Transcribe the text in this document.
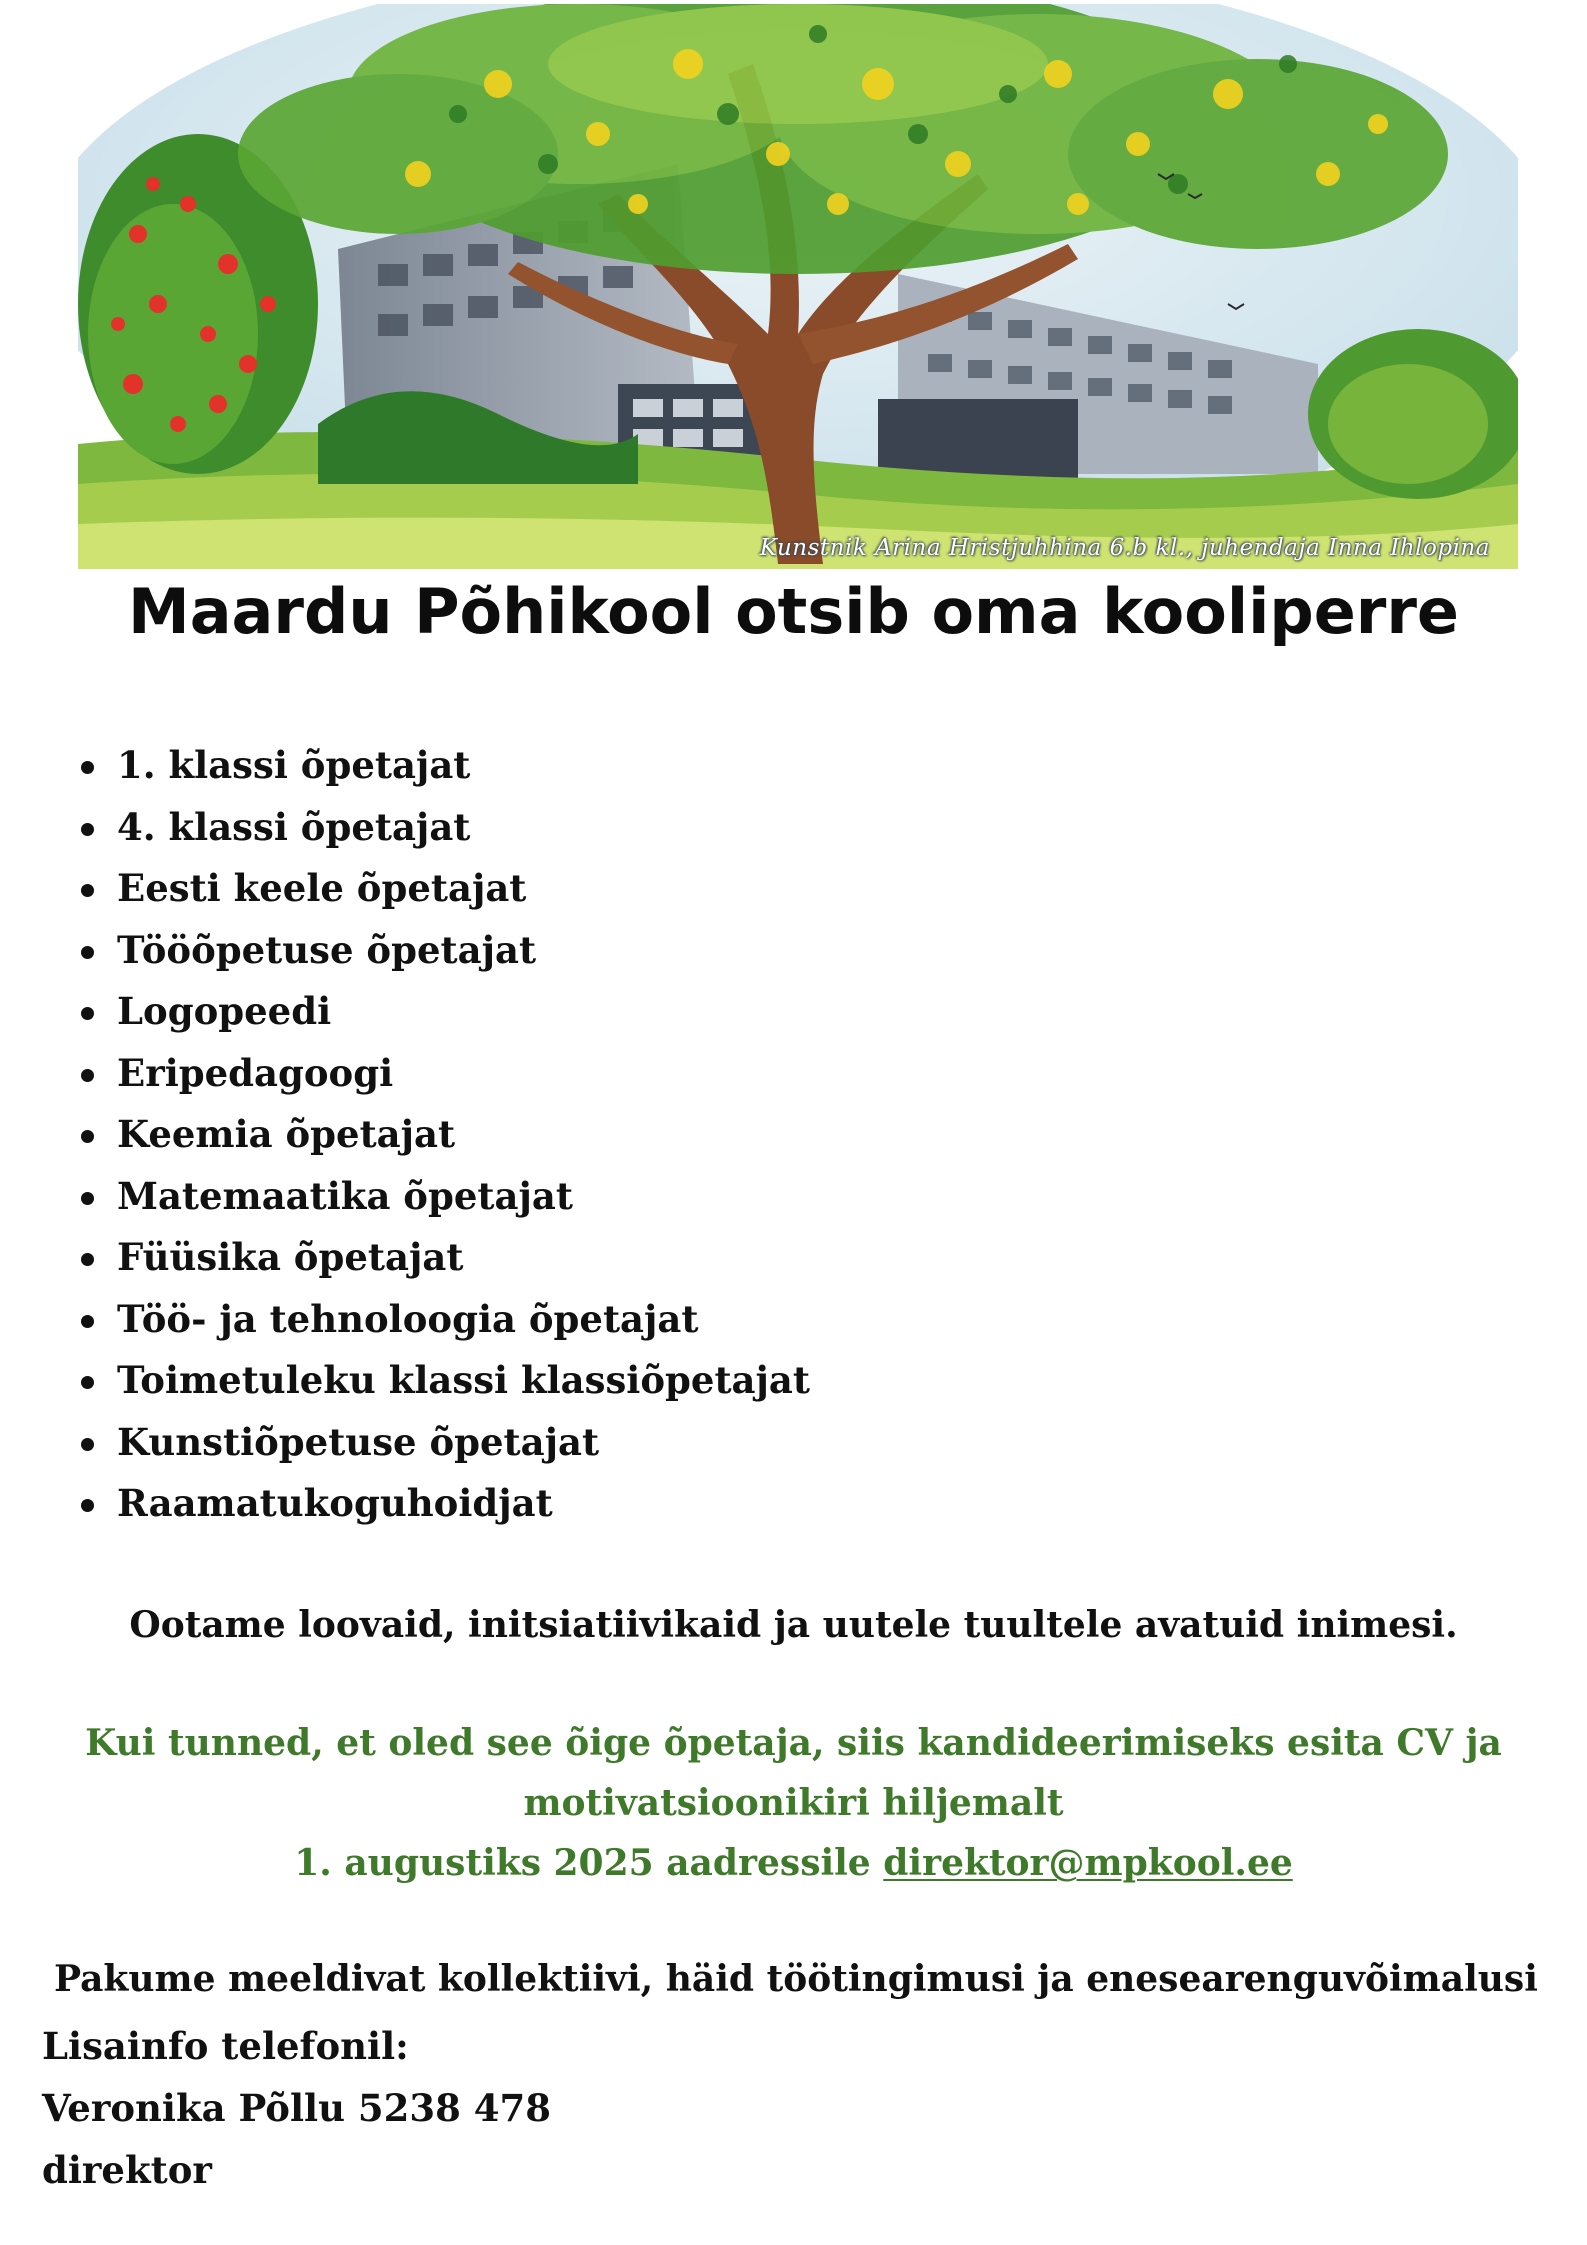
Kunstnik Arina Hristjuhhina 6.b kl., juhendaja Inna Ihlopina
Maardu Põhikool otsib oma kooliperre
1. klassi õpetajat
4. klassi õpetajat
Eesti keele õpetajat
Tööõpetuse õpetajat
Logopeedi
Eripedagoogi
Keemia õpetajat
Matemaatika õpetajat
Füüsika õpetajat
Töö- ja tehnoloogia õpetajat
Toimetuleku klassi klassiõpetajat
Kunstiõpetuse õpetajat
Raamatukoguhoidjat

Ootame loovaid, initsiatiivikaid ja uutele tuultele avatuid inimesi.

Kui tunned, et oled see õige õpetaja, siis kandideerimiseks esita CV ja

motivatsioonikiri hiljemalt

1. augustiks 2025 aadressile direktor@mpkool.ee

Pakume meeldivat kollektiivi, häid töötingimusi ja enesearenguvõimalusi

Lisainfo telefonil:
Veronika Põllu 5238 478
direktor
